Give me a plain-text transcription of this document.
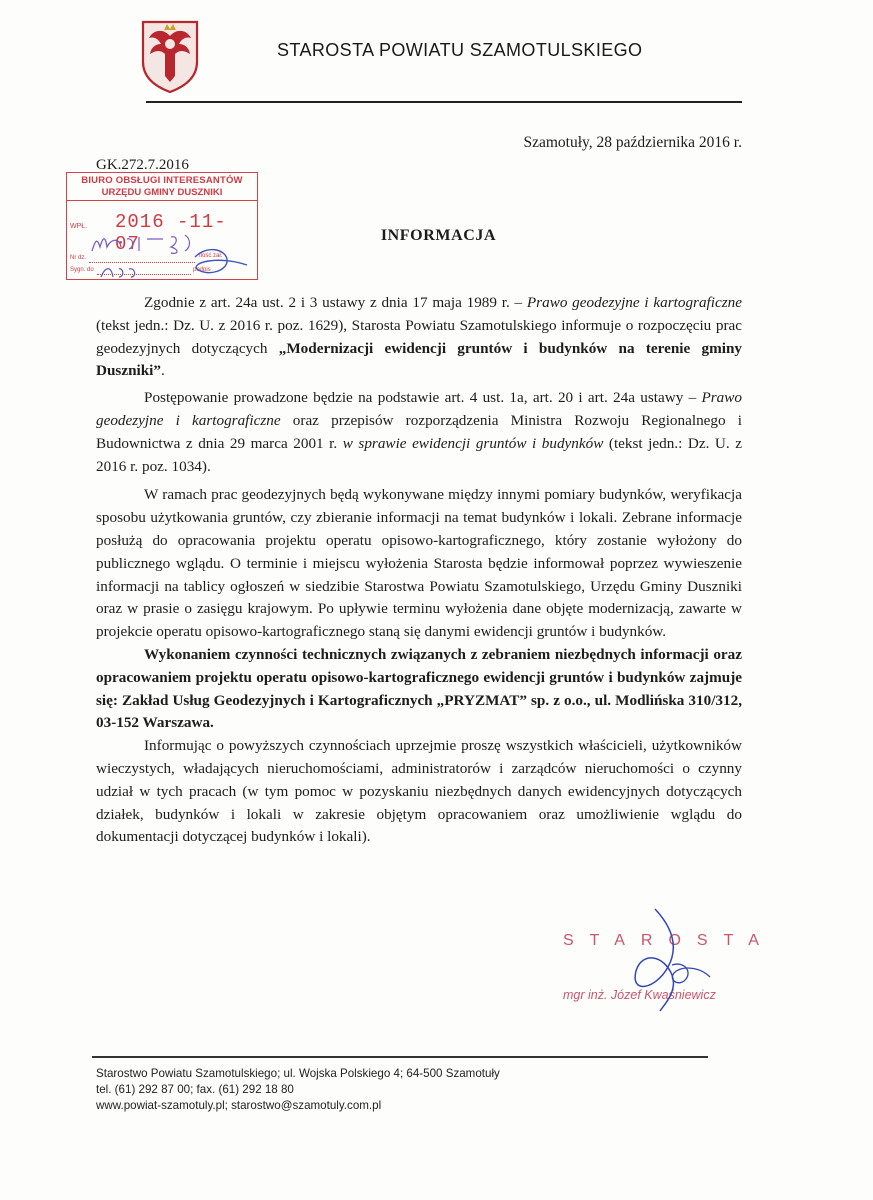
STAROSTA POWIATU SZAMOTULSKIEGO
Szamotuły, 28 października 2016 r.
GK.272.7.2016
BIURO OBSŁUGI INTERESANTÓW
URZĘDU GMINY DUSZNIKI
WPŁ. 2016 -11- 07
Nr dz.	Ilość zał.
Sygn. do	podpis
INFORMACJA

Zgodnie z art. 24a ust. 2 i 3 ustawy z dnia 17 maja 1989 r. – Prawo geodezyjne i kartograficzne (tekst jedn.: Dz. U. z 2016 r. poz. 1629), Starosta Powiatu Szamotulskiego informuje o rozpoczęciu prac geodezyjnych dotyczących „Modernizacji ewidencji gruntów i budynków na terenie gminy Duszniki”.

Postępowanie prowadzone będzie na podstawie art. 4 ust. 1a, art. 20 i art. 24a ustawy – Prawo geodezyjne i kartograficzne oraz przepisów rozporządzenia Ministra Rozwoju Regionalnego i Budownictwa z dnia 29 marca 2001 r. w sprawie ewidencji gruntów i budynków (tekst jedn.: Dz. U. z 2016 r. poz. 1034).

W ramach prac geodezyjnych będą wykonywane między innymi pomiary budynków, weryfikacja sposobu użytkowania gruntów, czy zbieranie informacji na temat budynków i lokali. Zebrane informacje posłużą do opracowania projektu operatu opisowo-kartograficznego, który zostanie wyłożony do publicznego wglądu. O terminie i miejscu wyłożenia Starosta będzie informował poprzez wywieszenie informacji na tablicy ogłoszeń w siedzibie Starostwa Powiatu Szamotulskiego, Urzędu Gminy Duszniki oraz w prasie o zasięgu krajowym. Po upływie terminu wyłożenia dane objęte modernizacją, zawarte w projekcie operatu opisowo-kartograficznego staną się danymi ewidencji gruntów i budynków.

Wykonaniem czynności technicznych związanych z zebraniem niezbędnych informacji oraz opracowaniem projektu operatu opisowo-kartograficznego ewidencji gruntów i budynków zajmuje się: Zakład Usług Geodezyjnych i Kartograficznych „PRYZMAT” sp. z o.o., ul. Modlińska 310/312, 03-152 Warszawa.

Informując o powyższych czynnościach uprzejmie proszę wszystkich właścicieli, użytkowników wieczystych, władających nieruchomościami, administratorów i zarządców nieruchomości o czynny udział w tych pracach (w tym pomoc w pozyskaniu niezbędnych danych ewidencyjnych dotyczących działek, budynków i lokali w zakresie objętym opracowaniem oraz umożliwienie wglądu do dokumentacji dotyczącej budynków i lokali).

STAROSTA
mgr inż. Józef Kwaśniewicz
Starostwo Powiatu Szamotulskiego; ul. Wojska Polskiego 4; 64-500 Szamotuły
tel. (61) 292 87 00; fax. (61) 292 18 80
www.powiat-szamotuly.pl; starostwo@szamotuly.com.pl
